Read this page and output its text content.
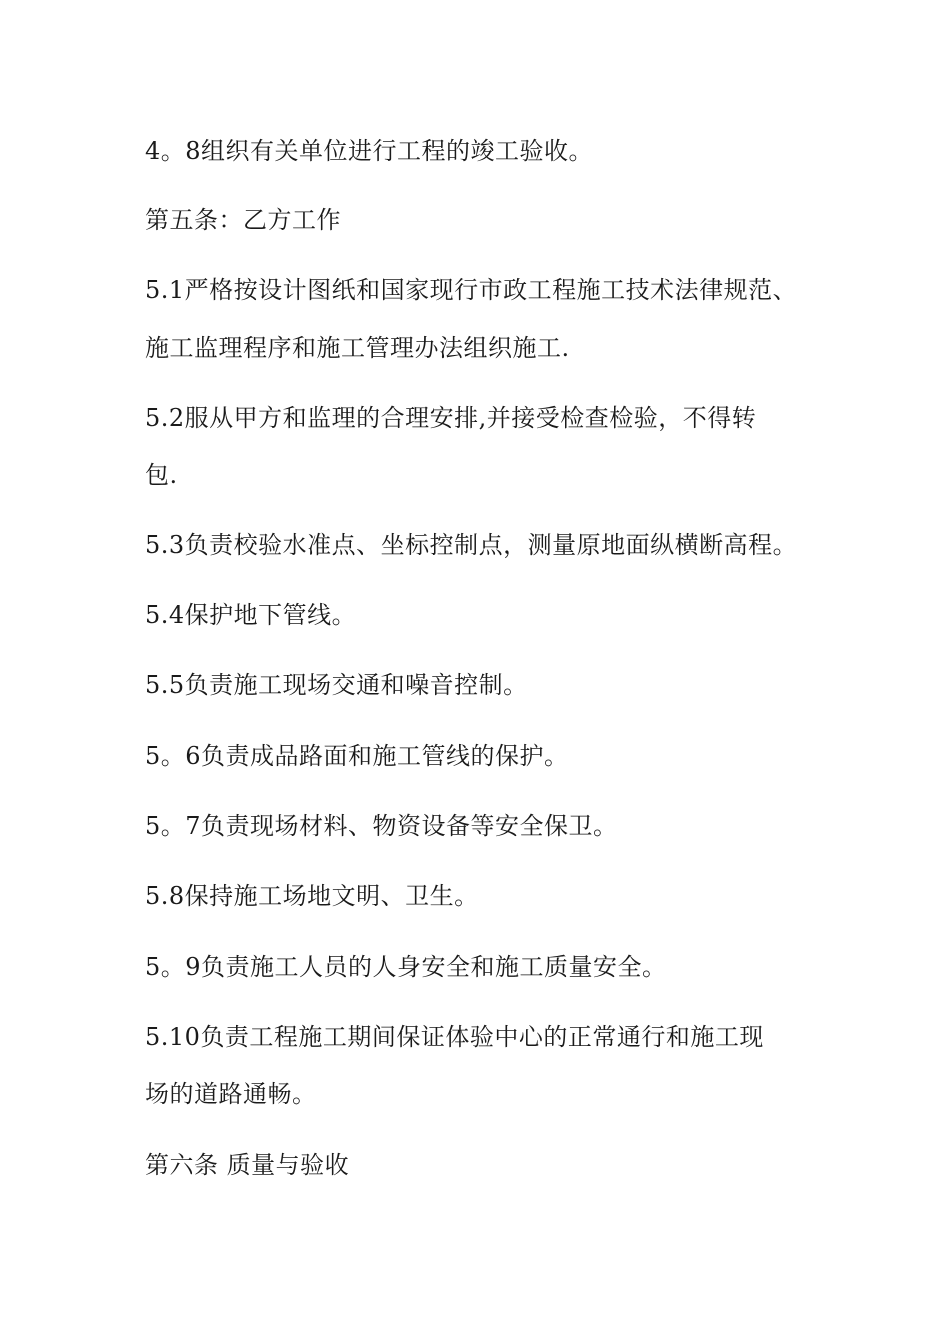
4。8组织有关单位进行工程的竣工验收。
第五条：乙方工作
5.1严格按设计图纸和国家现行市政工程施工技术法律规范、
施工监理程序和施工管理办法组织施工.
5.2服从甲方和监理的合理安排,并接受检查检验，不得转
包.
5.3负责校验水准点、坐标控制点，测量原地面纵横断高程。
5.4保护地下管线。
5.5负责施工现场交通和噪音控制。
5。6负责成品路面和施工管线的保护。
5。7负责现场材料、物资设备等安全保卫。
5.8保持施工场地文明、卫生。
5。9负责施工人员的人身安全和施工质量安全。
5.10负责工程施工期间保证体验中心的正常通行和施工现
场的道路通畅。
第六条 质量与验收
